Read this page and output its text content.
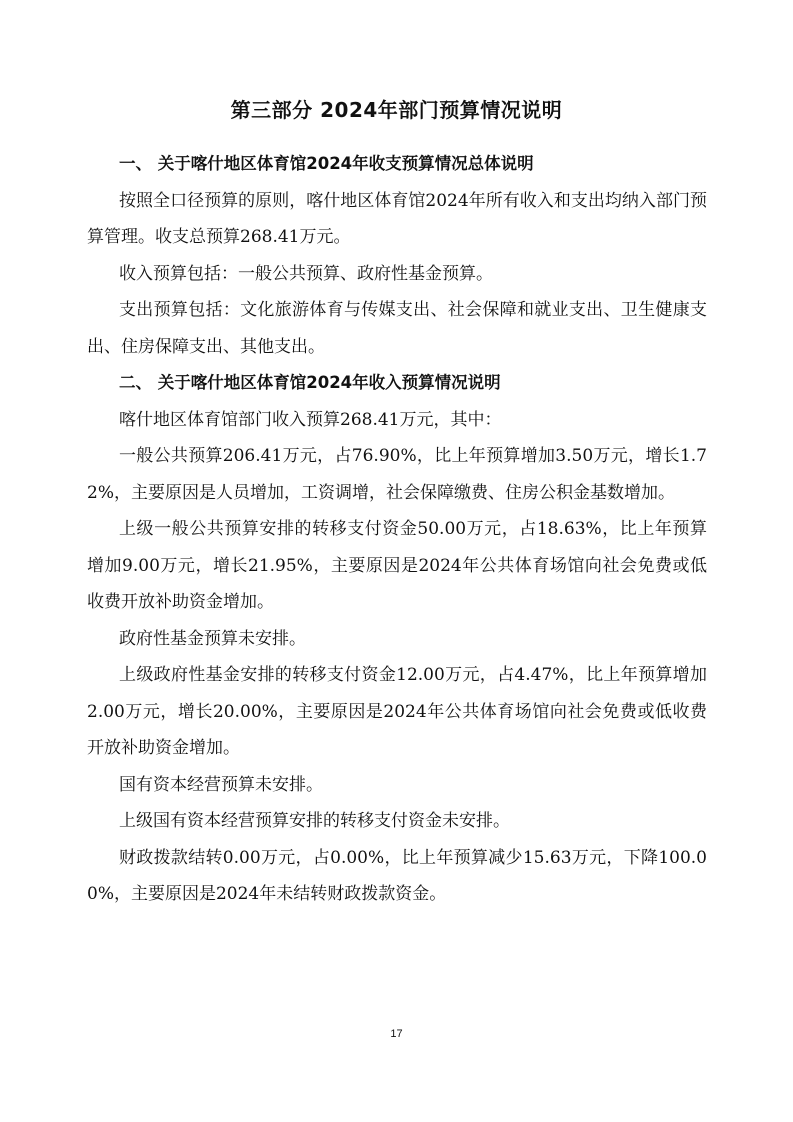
第三部分 2024年部门预算情况说明

一、 关于喀什地区体育馆2024年收支预算情况总体说明

按照全口径预算的原则，喀什地区体育馆2024年所有收入和支出均纳入部门预算管理。收支总预算268.41万元。

收入预算包括：一般公共预算、政府性基金预算。

支出预算包括：文化旅游体育与传媒支出、社会保障和就业支出、卫生健康支出、住房保障支出、其他支出。

二、 关于喀什地区体育馆2024年收入预算情况说明

喀什地区体育馆部门收入预算268.41万元，其中：

一般公共预算206.41万元，占76.90%，比上年预算增加3.50万元，增长1.72%，主要原因是人员增加，工资调增，社会保障缴费、住房公积金基数增加。

上级一般公共预算安排的转移支付资金50.00万元，占18.63%，比上年预算增加9.00万元，增长21.95%，主要原因是2024年公共体育场馆向社会免费或低收费开放补助资金增加。

政府性基金预算未安排。

上级政府性基金安排的转移支付资金12.00万元，占4.47%，比上年预算增加2.00万元，增长20.00%，主要原因是2024年公共体育场馆向社会免费或低收费开放补助资金增加。

国有资本经营预算未安排。

上级国有资本经营预算安排的转移支付资金未安排。

财政拨款结转0.00万元，占0.00%，比上年预算减少15.63万元，下降100.00%，主要原因是2024年未结转财政拨款资金。

17
